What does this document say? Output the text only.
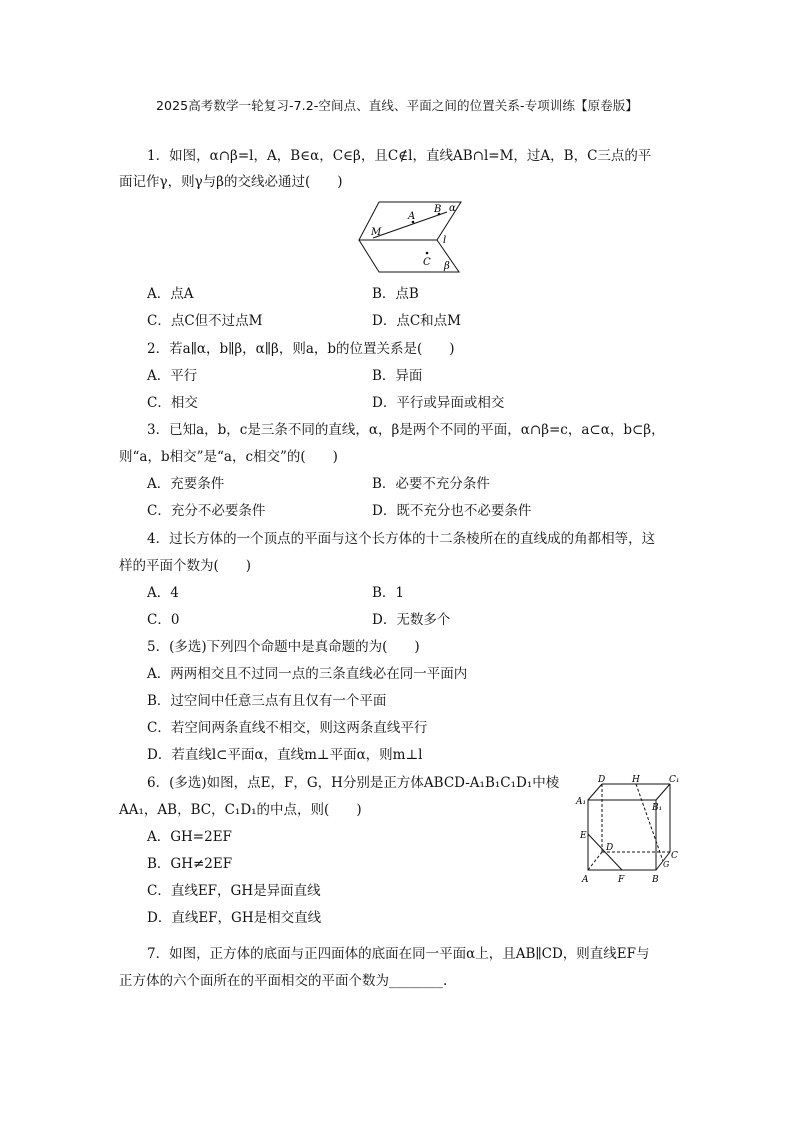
2025高考数学一轮复习-7.2-空间点、直线、平面之间的位置关系-专项训练【原卷版】
1．如图，α∩β=l，A，B∈α，C∈β，且C∉l，直线AB∩l=M，过A，B，C三点的平
面记作γ，则γ与β的交线必通过(　　)
A
B α
M
l
C β
A．点A	B．点B
C．点C但不过点M	D．点C和点M
2．若a∥α，b∥β，α∥β，则a，b的位置关系是(　　)
A．平行	B．异面
C．相交	D．平行或异面或相交
3．已知a，b，c是三条不同的直线，α，β是两个不同的平面，α∩β=c，a⊂α，b⊂β，
则“a，b相交”是“a，c相交”的(　　)
A．充要条件	B．必要不充分条件
C．充分不必要条件	D．既不充分也不必要条件
4．过长方体的一个顶点的平面与这个长方体的十二条棱所在的直线成的角都相等，这
样的平面个数为(　　)
A．4	B．1
C．0	D．无数多个
5．(多选)下列四个命题中是真命题的为(　　)
A．两两相交且不过同一点的三条直线必在同一平面内
B．过空间中任意三点有且仅有一个平面
C．若空间两条直线不相交，则这两条直线平行
D．若直线l⊂平面α，直线m⊥平面α，则m⊥l
6．(多选)如图，点E，F，G，H分别是正方体ABCD-A₁B₁C₁D₁中棱
AA₁，AB，BC，C₁D₁的中点，则(　　)
A．GH=2EF
B．GH≠2EF
C．直线EF，GH是异面直线
D．直线EF，GH是相交直线
D	H	C₁
A₁
B₁
E
D
C
G
A	F	B
7．如图，正方体的底面与正四面体的底面在同一平面α上，且AB∥CD，则直线EF与
正方体的六个面所在的平面相交的平面个数为________.
